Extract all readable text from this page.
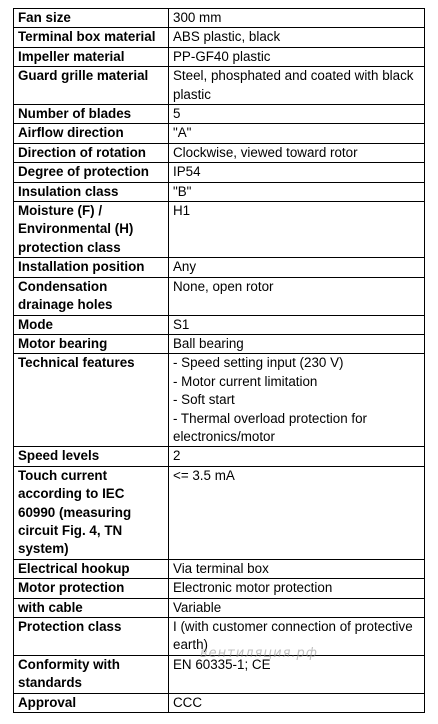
Fan size	300 mm

Terminal box material	ABS plastic, black

Impeller material	PP-GF40 plastic

Guard grille material	Steel, phosphated and coated with black plastic

Number of blades	5

Airflow direction	"A"

Direction of rotation	Clockwise, viewed toward rotor

Degree of protection	IP54

Insulation class	"B"

Moisture (F) / Environmental (H) protection class	H1

Installation position	Any

Condensation drainage holes	None, open rotor

Mode	S1

Motor bearing	Ball bearing

Technical features	- Speed setting input (230 V)
- Motor current limitation
- Soft start
- Thermal overload protection for electronics/motor

Speed levels	2

Touch current according to IEC 60990 (measuring circuit Fig. 4, TN system)	<= 3.5 mA

Electrical hookup	Via terminal box

Motor protection	Electronic motor protection

with cable	Variable

Protection class	I (with customer connection of protective earth)

Conformity with standards	EN 60335-1; CE

Approval	CCC
вентиляция.рф
